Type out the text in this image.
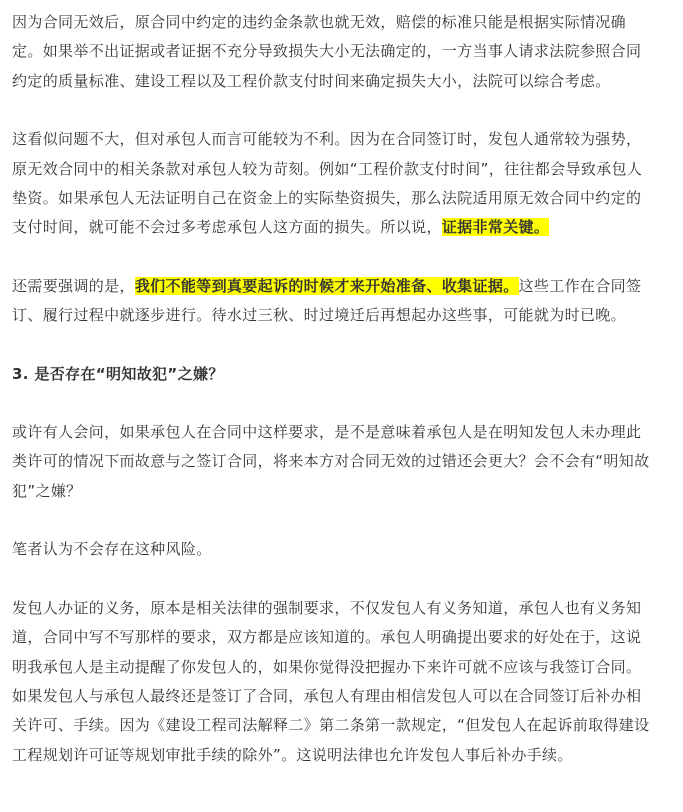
因为合同无效后，原合同中约定的违约金条款也就无效，赔偿的标准只能是根据实际情况确
定。如果举不出证据或者证据不充分导致损失大小无法确定的，一方当事人请求法院参照合同
约定的质量标准、建设工程以及工程价款支付时间来确定损失大小，法院可以综合考虑。

这看似问题不大，但对承包人而言可能较为不利。因为在合同签订时，发包人通常较为强势，
原无效合同中的相关条款对承包人较为苛刻。例如“工程价款支付时间”，往往都会导致承包人
垫资。如果承包人无法证明自己在资金上的实际垫资损失，那么法院适用原无效合同中约定的
支付时间，就可能不会过多考虑承包人这方面的损失。所以说，证据非常关键。

还需要强调的是，我们不能等到真要起诉的时候才来开始准备、收集证据。这些工作在合同签
订、履行过程中就逐步进行。待水过三秋、时过境迁后再想起办这些事，可能就为时已晚。

3. 是否存在“明知故犯”之嫌？

或许有人会问，如果承包人在合同中这样要求，是不是意味着承包人是在明知发包人未办理此
类许可的情况下而故意与之签订合同，将来本方对合同无效的过错还会更大？会不会有“明知故
犯”之嫌？

笔者认为不会存在这种风险。

发包人办证的义务，原本是相关法律的强制要求，不仅发包人有义务知道，承包人也有义务知
道，合同中写不写那样的要求，双方都是应该知道的。承包人明确提出要求的好处在于，这说
明我承包人是主动提醒了你发包人的，如果你觉得没把握办下来许可就不应该与我签订合同。
如果发包人与承包人最终还是签订了合同，承包人有理由相信发包人可以在合同签订后补办相
关许可、手续。因为《建设工程司法解释二》第二条第一款规定，“但发包人在起诉前取得建设
工程规划许可证等规划审批手续的除外”。这说明法律也允许发包人事后补办手续。
